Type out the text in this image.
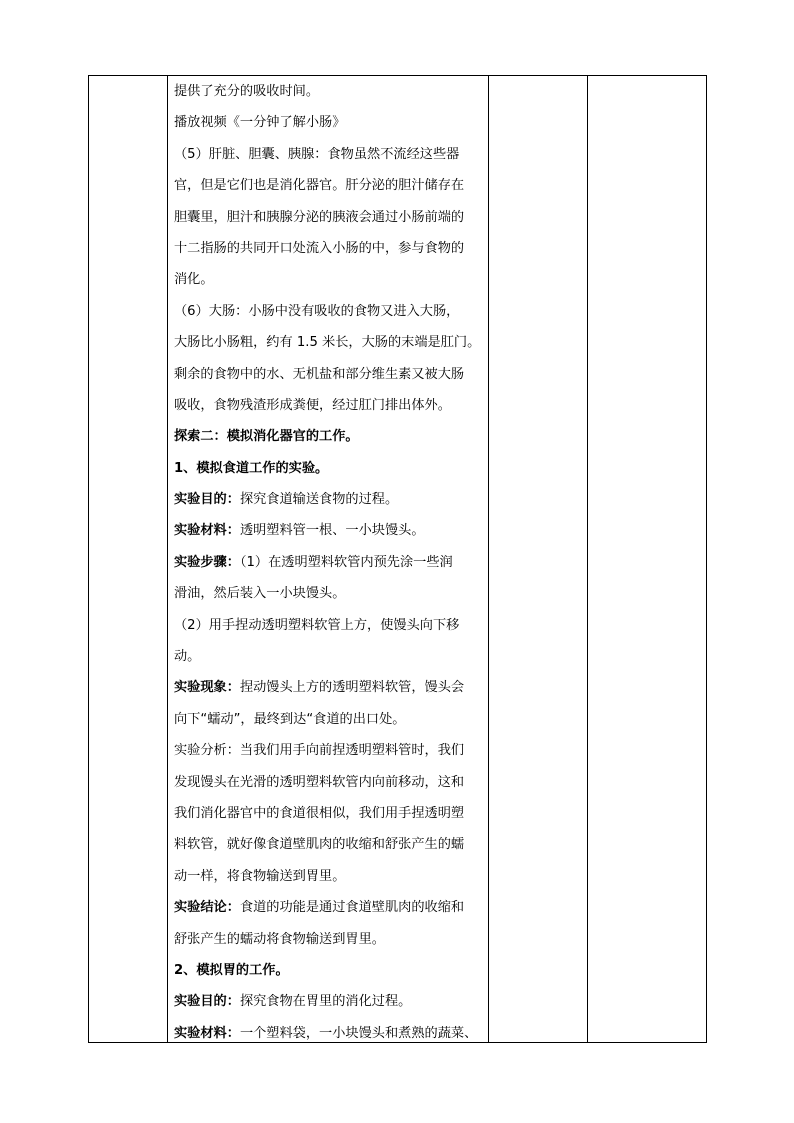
提供了充分的吸收时间。
播放视频《一分钟了解小肠》
（5）肝脏、胆囊、胰腺：食物虽然不流经这些器
官，但是它们也是消化器官。肝分泌的胆汁储存在
胆囊里，胆汁和胰腺分泌的胰液会通过小肠前端的
十二指肠的共同开口处流入小肠的中，参与食物的
消化。
（6）大肠：小肠中没有吸收的食物又进入大肠，
大肠比小肠粗，约有 1.5 米长，大肠的末端是肛门。
剩余的食物中的水、无机盐和部分维生素又被大肠
吸收，食物残渣形成粪便，经过肛门排出体外。
探索二：模拟消化器官的工作。
1、模拟食道工作的实验。
实验目的：探究食道输送食物的过程。
实验材料：透明塑料管一根、一小块馒头。
实验步骤：（1）在透明塑料软管内预先涂一些润
滑油，然后装入一小块馒头。
（2）用手捏动透明塑料软管上方，使馒头向下移
动。
实验现象：捏动馒头上方的透明塑料软管，馒头会
向下“蠕动”，最终到达“食道的出口处。
实验分析：当我们用手向前捏透明塑料管时，我们
发现馒头在光滑的透明塑料软管内向前移动，这和
我们消化器官中的食道很相似，我们用手捏透明塑
料软管，就好像食道壁肌肉的收缩和舒张产生的蠕
动一样，将食物输送到胃里。
实验结论：食道的功能是通过食道壁肌肉的收缩和
舒张产生的蠕动将食物输送到胃里。
2、模拟胃的工作。
实验目的：探究食物在胃里的消化过程。
实验材料：一个塑料袋，一小块馒头和煮熟的蔬菜、
